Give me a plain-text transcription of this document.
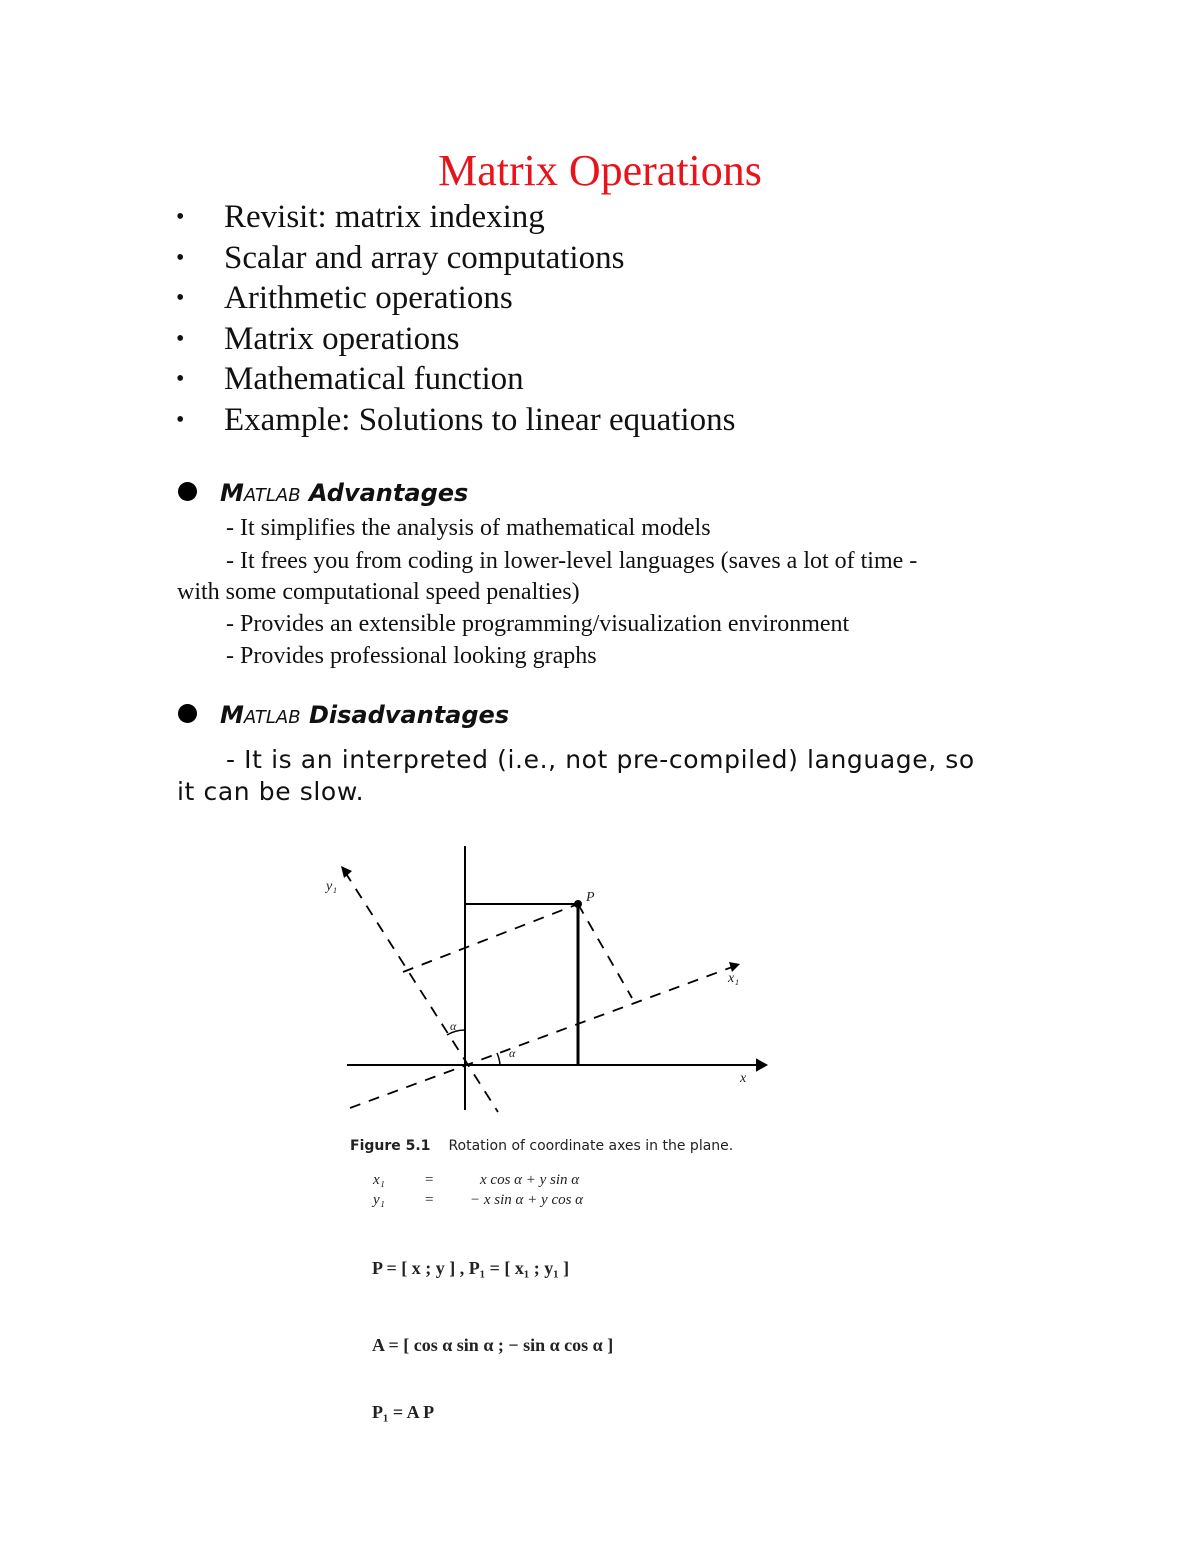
Matrix Operations
• Revisit: matrix indexing
• Scalar and array computations
• Arithmetic operations
• Matrix operations
• Mathematical function
• Example: Solutions to linear equations
MATLAB Advantages
- It simplifies the analysis of mathematical models
- It frees you from coding in lower-level languages (saves a lot of time -
with some computational speed penalties)
- Provides an extensible programming/visualization environment
- Provides professional looking graphs
MATLAB Disadvantages
- It is an interpreted (i.e., not pre-compiled) language, so
it can be slow.
y₁
x₁
x
P
α
α
Figure 5.1 Rotation of coordinate axes in the plane.
x₁	=	x cos α + y sin α
y₁	= − x sin α + y cos α
P = [ x ; y ] , P₁ = [ x₁ ; y₁ ]
A = [ cos α sin α ; − sin α cos α ]
P₁ = A P
